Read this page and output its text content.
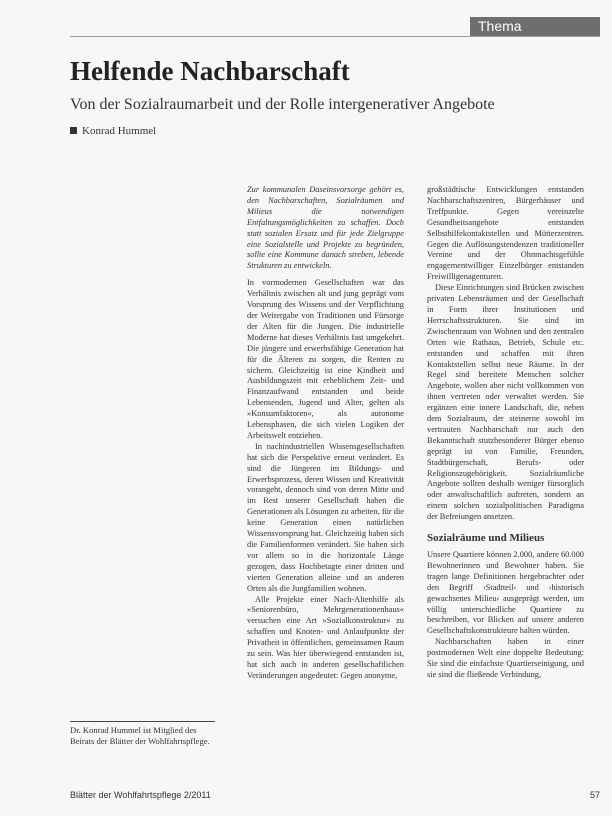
Thema
Helfende Nachbarschaft
Von der Sozialraumarbeit und der Rolle intergenerativer Angebote
Konrad Hummel

Zur kommunalen Daseinsvorsorge gehört es, den Nachbarschaften, Sozialräumen und Milieus die notwendigen Entfaltungsmöglichkeiten zu schaffen. Doch statt sozialen Ersatz und für jede Zielgruppe eine Sozialstelle und Projekte zu begründen, sollte eine Kommune danach streben, lebende Strukturen zu entwickeln.

In vormodernen Gesellschaften war das Verhältnis zwischen alt und jung geprägt vom Vorsprung des Wissens und der Verpflichtung der Weitergabe von Traditionen und Fürsorge der Alten für die Jungen. Die industrielle Moderne hat dieses Verhältnis fast umgekehrt. Die jüngere und erwerbsfähige Generation hat für die Älteren zu sorgen, die Renten zu sichern. Gleichzeitig ist eine Kindheit und Ausbildungszeit mit erheblichem Zeit- und Finanzaufwand entstanden und beide Lebensenden, Jugend und Alter, gelten als »Konsumfaktoren«, als autonome Lebensphasen, die sich vielen Logiken der Arbeitswelt entziehen.

In nachindustriellen Wissensgesellschaften hat sich die Perspektive erneut verändert. Es sind die Jüngeren im Bildungs- und Erwerbsprozess, deren Wissen und Kreativität vorangeht, dennoch sind von deren Mitte und im Rest unserer Gesellschaft haben die Generationen als Lösungen zu arbeiten, für die keine Generation einen natürlichen Wissensvorsprung hat. Gleichzeitig haben sich die Familienformen verändert. Sie haben sich vor allem so in die horizontale Länge gezogen, dass Hochbetagte einer dritten und vierten Generation alleine und an anderen Orten als die Jungfamilien wohnen.

Alle Projekte einer Nach-Altenhilfe als »Seniorenbüro, Mehrgenerationenhaus« versuchen eine Art »Sozialkonstruktur« zu schaffen und Knoten- und Anlaufpunkte der Privatheit in öffentlichen, gemeinsamen Raum zu sein. Was hier überwiegend entstanden ist, hat sich auch in anderen gesellschaftlichen Veränderungen angedeutet: Gegen anonyme,

großstädtische Entwicklungen entstanden Nachbarschaftszentren, Bürgerhäuser und Treffpunkte. Gegen vereinzelte Gesundheitsangebote entstanden Selbsthilfekontaktstellen und Mütterzentren. Gegen die Auflösungstendenzen traditioneller Vereine und der Ohnmachtsgefühle engagementwilliger Einzelbürger entstanden Freiwilligenagenturen.

Diese Einrichtungen sind Brücken zwischen privaten Lebensräumen und der Gesellschaft in Form ihrer Institutionen und Herrschaftsstrukturen. Sie sind im Zwischenraum von Wohnen und den zentralen Orten wie Rathaus, Betrieb, Schule etc. entstanden und schaffen mit ihren Kontaktstellen selbst neue Räume. In der Regel sind bereitete Menschen solcher Angebote, wollen aber nicht vollkommen von ihnen vertreten oder verwaltet werden. Sie ergänzen eine innere Landschaft, die, neben dem Sozialraum, der steinerne sowohl im vertrauten Nachbarschaft nur auch den Bekanntschaft stutzbesonderer Bürger ebenso geprägt ist von Familie, Freunden, Stadtbürgerschaft, Berufs- oder Religionszugehörigkeit. Sozialräumliche Angebote sollten deshalb weniger fürsorglich oder anwaltschaftlich auftreten, sondern an einem solchen sozialpolitischen Paradigma der Befreiungen ansetzen.

Sozialräume und Milieus

Unsere Quartiere können 2.000, andere 60.000 Bewohnerinnen und Bewohner haben. Sie tragen lange Definitionen hergebrachter oder den Begriff ›Stadtteil‹ und ›historisch gewachsenes Milieu‹ ausgeprägt werden, um völlig unterschiedliche Quartiere zu beschreiben, vor Blicken auf unsere anderen Gesellschaftskonstrukteure halten würden.

Nachbarschaften haben in einer postmodernen Welt eine doppelte Bedeutung: Sie sind die einfachste Quartierseinigung, und sie sind die fließende Verbindung,

Dr. Konrad Hummel ist Mitglied des Beirats der Blätter der Wohlfahrtspflege.
Blätter der Wohlfahrtspflege 2/2011	57
